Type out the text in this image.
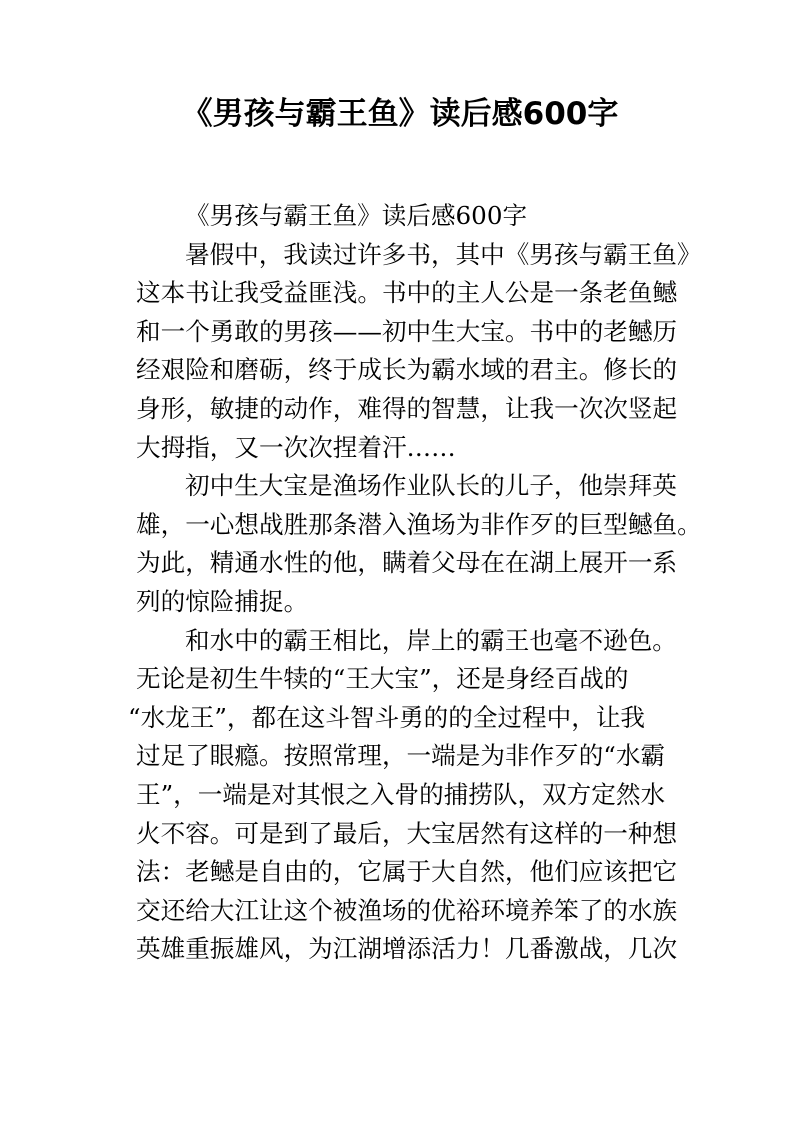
《男孩与霸王鱼》读后感600字
《男孩与霸王鱼》读后感600字
暑假中，我读过许多书，其中《男孩与霸王鱼》
这本书让我受益匪浅。书中的主人公是一条老鱼鳡
和一个勇敢的男孩——初中生大宝。书中的老鳡历
经艰险和磨砺，终于成长为霸水域的君主。修长的
身形，敏捷的动作，难得的智慧，让我一次次竖起
大拇指，又一次次捏着汗……
初中生大宝是渔场作业队长的儿子，他崇拜英
雄，一心想战胜那条潜入渔场为非作歹的巨型鳡鱼。
为此，精通水性的他，瞒着父母在在湖上展开一系
列的惊险捕捉。
和水中的霸王相比，岸上的霸王也毫不逊色。
无论是初生牛犊的“王大宝”，还是身经百战的
“水龙王”，都在这斗智斗勇的的全过程中，让我
过足了眼瘾。按照常理，一端是为非作歹的“水霸
王”，一端是对其恨之入骨的捕捞队，双方定然水
火不容。可是到了最后，大宝居然有这样的一种想
法：老鳡是自由的，它属于大自然，他们应该把它
交还给大江让这个被渔场的优裕环境养笨了的水族
英雄重振雄风，为江湖增添活力！几番激战，几次
